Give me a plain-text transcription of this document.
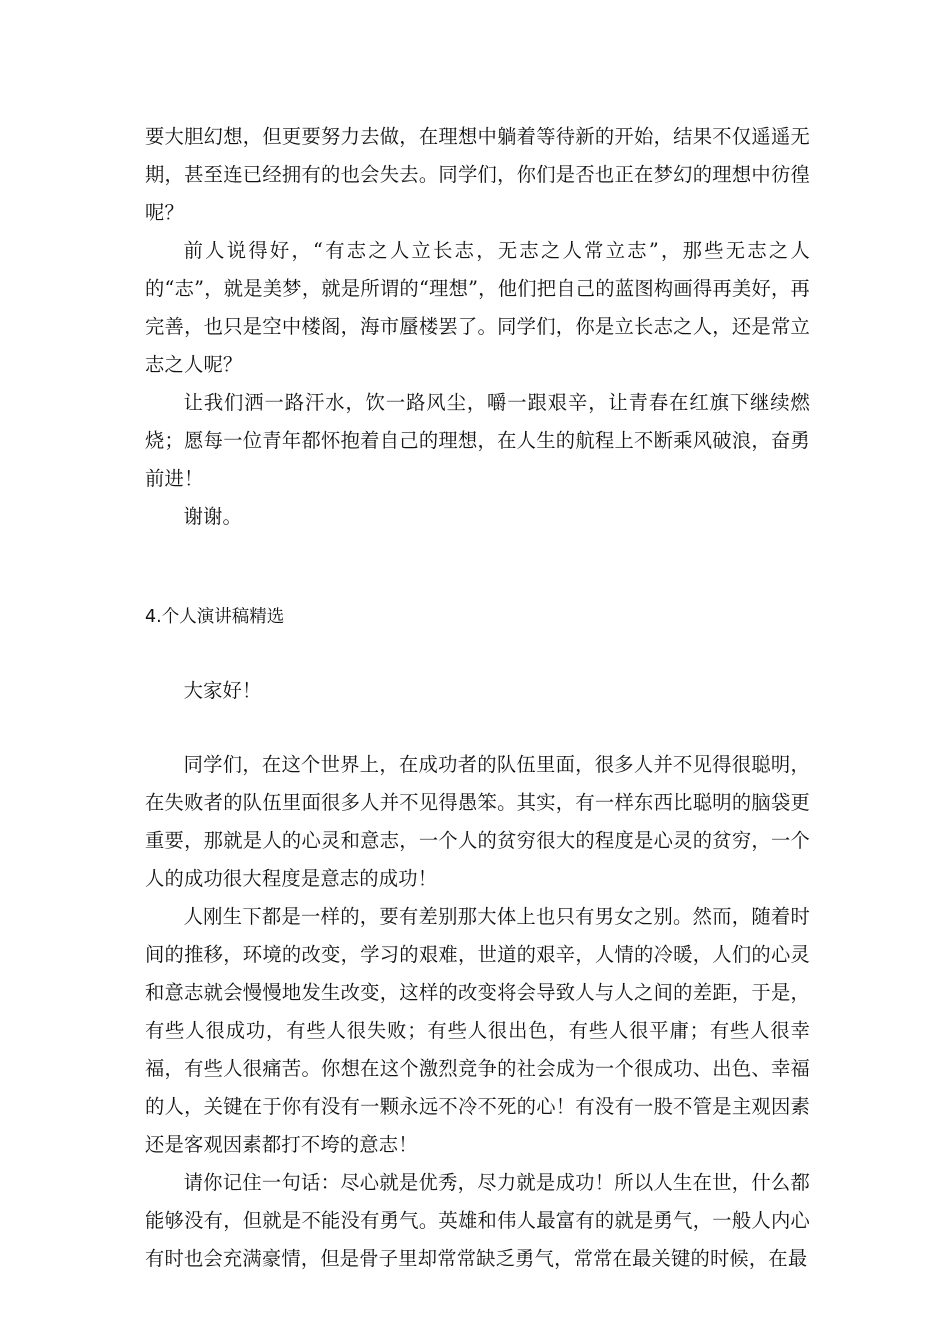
要大胆幻想，但更要努力去做，在理想中躺着等待新的开始，结果不仅遥遥无期，甚至连已经拥有的也会失去。同学们，你们是否也正在梦幻的理想中彷徨呢？

前人说得好，“有志之人立长志，无志之人常立志”，那些无志之人的“志”，就是美梦，就是所谓的“理想”，他们把自己的蓝图构画得再美好，再完善，也只是空中楼阁，海市蜃楼罢了。同学们，你是立长志之人，还是常立志之人呢？

让我们洒一路汗水，饮一路风尘，嚼一跟艰辛，让青春在红旗下继续燃烧；愿每一位青年都怀抱着自己的理想，在人生的航程上不断乘风破浪，奋勇前进！

谢谢。

4.个人演讲稿精选

大家好！

同学们，在这个世界上，在成功者的队伍里面，很多人并不见得很聪明，在失败者的队伍里面很多人并不见得愚笨。其实，有一样东西比聪明的脑袋更重要，那就是人的心灵和意志，一个人的贫穷很大的程度是心灵的贫穷，一个人的成功很大程度是意志的成功！

人刚生下都是一样的，要有差别那大体上也只有男女之别。然而，随着时间的推移，环境的改变，学习的艰难，世道的艰辛，人情的冷暖，人们的心灵和意志就会慢慢地发生改变，这样的改变将会导致人与人之间的差距，于是，有些人很成功，有些人很失败；有些人很出色，有些人很平庸；有些人很幸福，有些人很痛苦。你想在这个激烈竞争的社会成为一个很成功、出色、幸福的人，关键在于你有没有一颗永远不冷不死的心！有没有一股不管是主观因素还是客观因素都打不垮的意志！

请你记住一句话：尽心就是优秀，尽力就是成功！所以人生在世，什么都能够没有，但就是不能没有勇气。英雄和伟人最富有的就是勇气，一般人内心有时也会充满豪情，但是骨子里却常常缺乏勇气，常常在最关键的时候，在最
